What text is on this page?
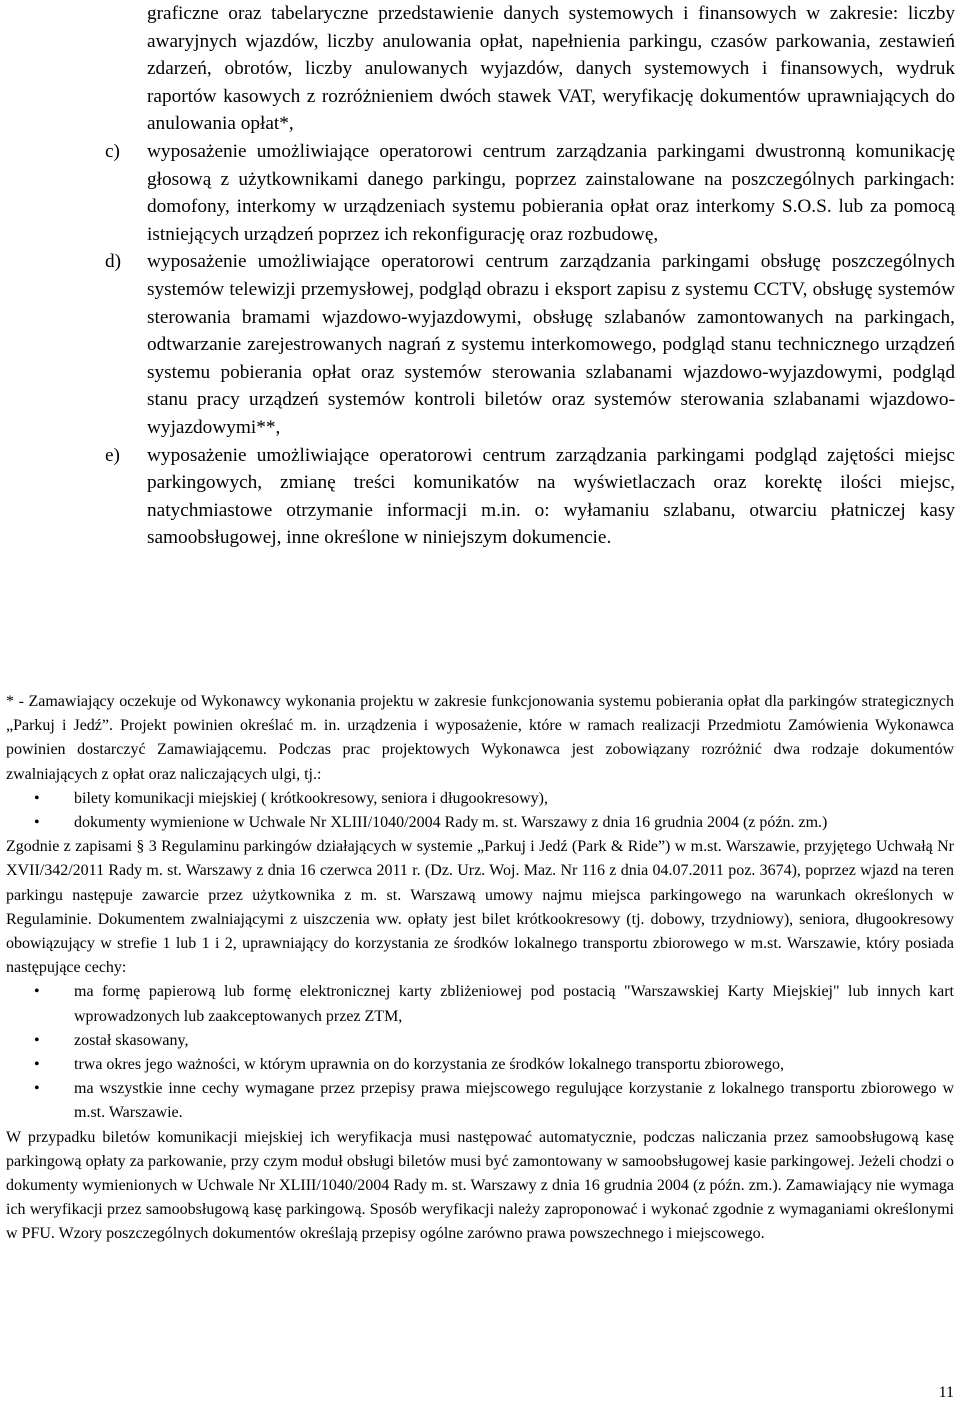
graficzne oraz tabelaryczne przedstawienie danych systemowych i finansowych w zakresie: liczby awaryjnych wjazdów, liczby anulowania opłat, napełnienia parkingu, czasów parkowania, zestawień zdarzeń, obrotów, liczby anulowanych wyjazdów, danych systemowych i finansowych, wydruk raportów kasowych z rozróżnieniem dwóch stawek VAT, weryfikację dokumentów uprawniających do anulowania opłat*,
c) wyposażenie umożliwiające operatorowi centrum zarządzania parkingami dwustronną komunikację głosową z użytkownikami danego parkingu, poprzez zainstalowane na poszczególnych parkingach: domofony, interkomy w urządzeniach systemu pobierania opłat oraz interkomy S.O.S. lub za pomocą istniejących urządzeń poprzez ich rekonfigurację oraz rozbudowę,
d) wyposażenie umożliwiające operatorowi centrum zarządzania parkingami obsługę poszczególnych systemów telewizji przemysłowej, podgląd obrazu i eksport zapisu z systemu CCTV, obsługę systemów sterowania bramami wjazdowo-wyjazdowymi, obsługę szlabanów zamontowanych na parkingach, odtwarzanie zarejestrowanych nagrań z systemu interkomowego, podgląd stanu technicznego urządzeń systemu pobierania opłat oraz systemów sterowania szlabanami wjazdowo-wyjazdowymi, podgląd stanu pracy urządzeń systemów kontroli biletów oraz systemów sterowania szlabanami wjazdowo-wyjazdowymi**,
e) wyposażenie umożliwiające operatorowi centrum zarządzania parkingami podgląd zajętości miejsc parkingowych, zmianę treści komunikatów na wyświetlaczach oraz korektę ilości miejsc, natychmiastowe otrzymanie informacji m.in. o: wyłamaniu szlabanu, otwarciu płatniczej kasy samoobsługowej, inne określone w niniejszym dokumencie.

* - Zamawiający oczekuje od Wykonawcy wykonania projektu w zakresie funkcjonowania systemu pobierania opłat dla parkingów strategicznych „Parkuj i Jedź”. Projekt powinien określać m. in. urządzenia i wyposażenie, które w ramach realizacji Przedmiotu Zamówienia Wykonawca powinien dostarczyć Zamawiającemu. Podczas prac projektowych Wykonawca jest zobowiązany rozróżnić dwa rodzaje dokumentów zwalniających z opłat oraz naliczających ulgi, tj.:

• bilety komunikacji miejskiej ( krótkookresowy, seniora i długookresowy),
• dokumenty wymienione w Uchwale Nr XLIII/1040/2004 Rady m. st. Warszawy z dnia 16 grudnia 2004 (z późn. zm.)

Zgodnie z zapisami § 3 Regulaminu parkingów działających w systemie „Parkuj i Jedź (Park & Ride”) w m.st. Warszawie, przyjętego Uchwałą Nr XVII/342/2011 Rady m. st. Warszawy z dnia 16 czerwca 2011 r. (Dz. Urz. Woj. Maz. Nr 116 z dnia 04.07.2011 poz. 3674), poprzez wjazd na teren parkingu następuje zawarcie przez użytkownika z m. st. Warszawą umowy najmu miejsca parkingowego na warunkach określonych w Regulaminie. Dokumentem zwalniającymi z uiszczenia ww. opłaty jest bilet krótkookresowy (tj. dobowy, trzydniowy), seniora, długookresowy obowiązujący w strefie 1 lub 1 i 2, uprawniający do korzystania ze środków lokalnego transportu zbiorowego w m.st. Warszawie, który posiada następujące cechy:

• ma formę papierową lub formę elektronicznej karty zbliżeniowej pod postacią "Warszawskiej Karty Miejskiej" lub innych kart wprowadzonych lub zaakceptowanych przez ZTM,
• został skasowany,
• trwa okres jego ważności, w którym uprawnia on do korzystania ze środków lokalnego transportu zbiorowego,
• ma wszystkie inne cechy wymagane przez przepisy prawa miejscowego regulujące korzystanie z lokalnego transportu zbiorowego w m.st. Warszawie.

W przypadku biletów komunikacji miejskiej ich weryfikacja musi następować automatycznie, podczas naliczania przez samoobsługową kasę parkingową opłaty za parkowanie, przy czym moduł obsługi biletów musi być zamontowany w samoobsługowej kasie parkingowej. Jeżeli chodzi o dokumenty wymienionych w Uchwale Nr XLIII/1040/2004 Rady m. st. Warszawy z dnia 16 grudnia 2004 (z późn. zm.). Zamawiający nie wymaga ich weryfikacji przez samoobsługową kasę parkingową. Sposób weryfikacji należy zaproponować i wykonać zgodnie z wymaganiami określonymi w PFU. Wzory poszczególnych dokumentów określają przepisy ogólne zarówno prawa powszechnego i miejscowego.

11
